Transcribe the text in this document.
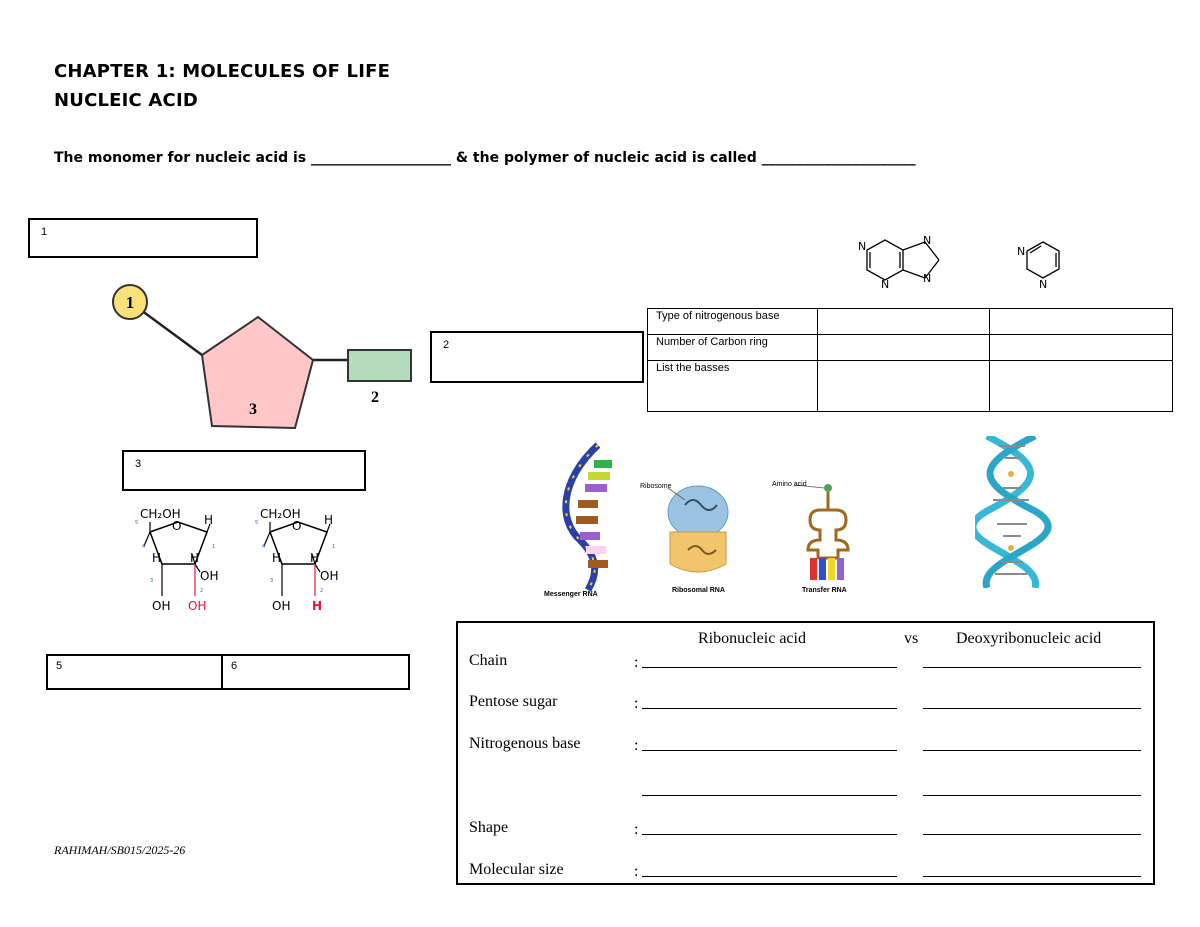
CHAPTER 1: MOLECULES OF LIFE
NUCLEIC ACID
The monomer for nucleic acid is ____________________ & the polymer of nucleic acid is called ______________________
1
1
2
3
2
3
CH₂OH
O H
H H
OH
OH OH
5
4	1
3
2
CH₂OH
O H
H H
OH
OH H
5
4	1
3
2
5	6
N
N
N
N
N
N
Type of nitrogenous base		
Number of Carbon ring		
List the basses		
Messenger RNA
Ribosome
Ribosomal RNA
Amino acid
Transfer RNA
Ribonucleic acid	vs Deoxyribonucleic acid
Chain	:
Pentose sugar	:
Nitrogenous base	:
Shape	:
Molecular size	:
RAHIMAH/SB015/2025-26
